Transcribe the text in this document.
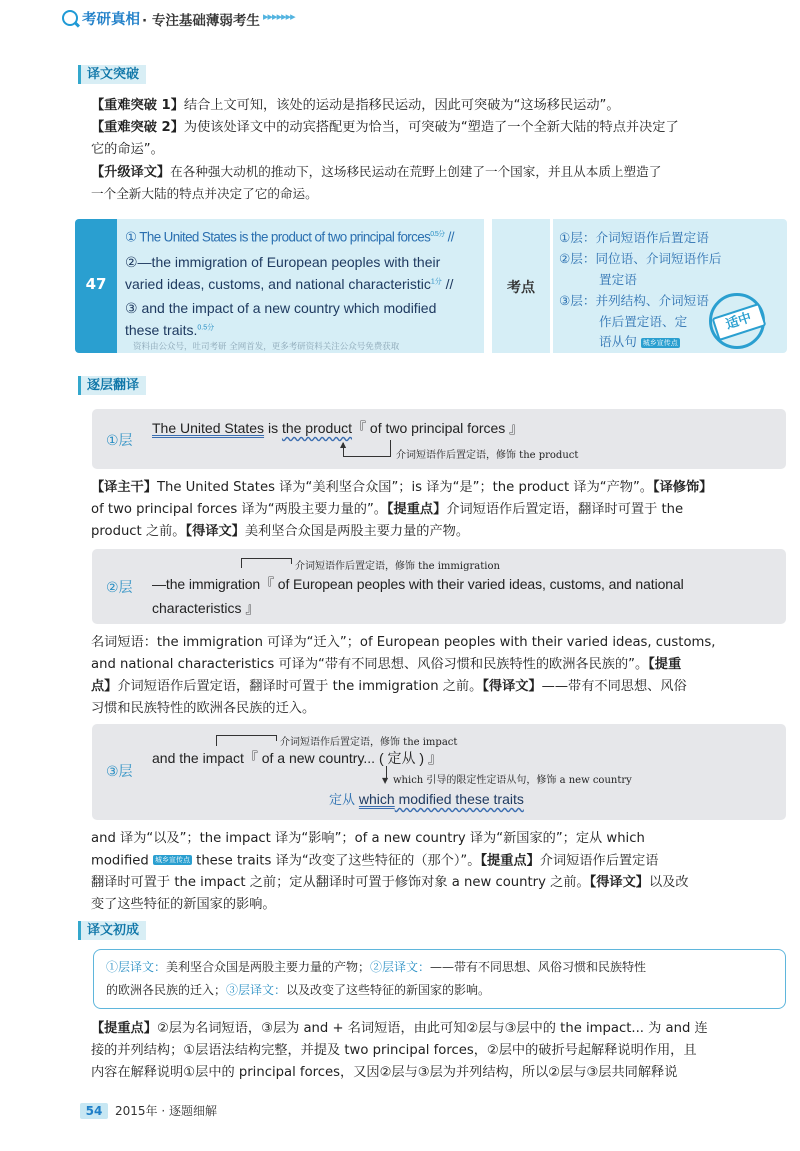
考研真相 · 专注基础薄弱考生 ▸▸▸▸▸▸▸
译文突破
【重难突破 1】结合上文可知，该处的运动是指移民运动，因此可突破为“这场移民运动”。
【重难突破 2】为使该处译文中的动宾搭配更为恰当，可突破为“塑造了一个全新大陆的特点并决定了
它的命运”。
【升级译文】在各种强大动机的推动下，这场移民运动在荒野上创建了一个国家，并且从本质上塑造了
一个全新大陆的特点并决定了它的命运。
47
① The United States is the product of two principal forces$^{0.5分}$ //
②—the immigration of European peoples with their
varied ideas, customs, and national characteristic$^{1分}$ //
③ and the impact of a new country which modified
these traits.$^{0.5分}$
资料由公众号，吐司考研 全网首发，更多考研资料关注公众号免费获取
考点
①层：介词短语作后置定语
②层：同位语、介词短语作后
置定语
③层：并列结构、介词短语
作后置定语、定
语从句 城乡宣传点
适中
逐层翻译
①层
The United States is the product『 of two principal forces 』
▲
介词短语作后置定语，修饰 the product
【译主干】The United States 译为“美利坚合众国”；is 译为“是”；the product 译为“产物”。【译修饰】
of two principal forces 译为“两股主要力量的”。【提重点】介词短语作后置定语，翻译时可置于 the
product 之前。【得译文】美利坚合众国是两股主要力量的产物。
介词短语作后置定语，修饰 the immigration
②层 —the immigration『 of European peoples with their varied ideas, customs, and national
characteristics 』
名词短语：the immigration 可译为“迁入”；of European peoples with their varied ideas, customs,
and national characteristics 可译为“带有不同思想、风俗习惯和民族特性的欧洲各民族的”。【提重
点】介词短语作后置定语，翻译时可置于 the immigration 之前。【得译文】——带有不同思想、风俗
习惯和民族特性的欧洲各民族的迁入。
介词短语作后置定语，修饰 the impact
③层
and the impact『 of a new country... ( 定从 ) 』
▼ which 引导的限定性定语从句，修饰 a new country
定从 which modified these traits
and 译为“以及”；the impact 译为“影响”；of a new country 译为“新国家的”；定从 which
modified 城乡宣传点 these traits 译为“改变了这些特征的（那个）”。【提重点】介词短语作后置定语
翻译时可置于 the impact 之前；定从翻译时可置于修饰对象 a new country 之前。【得译文】以及改
变了这些特征的新国家的影响。
译文初成
①层译文：美利坚合众国是两股主要力量的产物；②层译文：——带有不同思想、风俗习惯和民族特性
的欧洲各民族的迁入；③层译文：以及改变了这些特征的新国家的影响。
【提重点】②层为名词短语，③层为 and + 名词短语，由此可知②层与③层中的 the impact... 为 and 连
接的并列结构；①层语法结构完整，并提及 two principal forces，②层中的破折号起解释说明作用，且
内容在解释说明①层中的 principal forces，又因②层与③层为并列结构，所以②层与③层共同解释说
54	2015年 · 逐题细解
